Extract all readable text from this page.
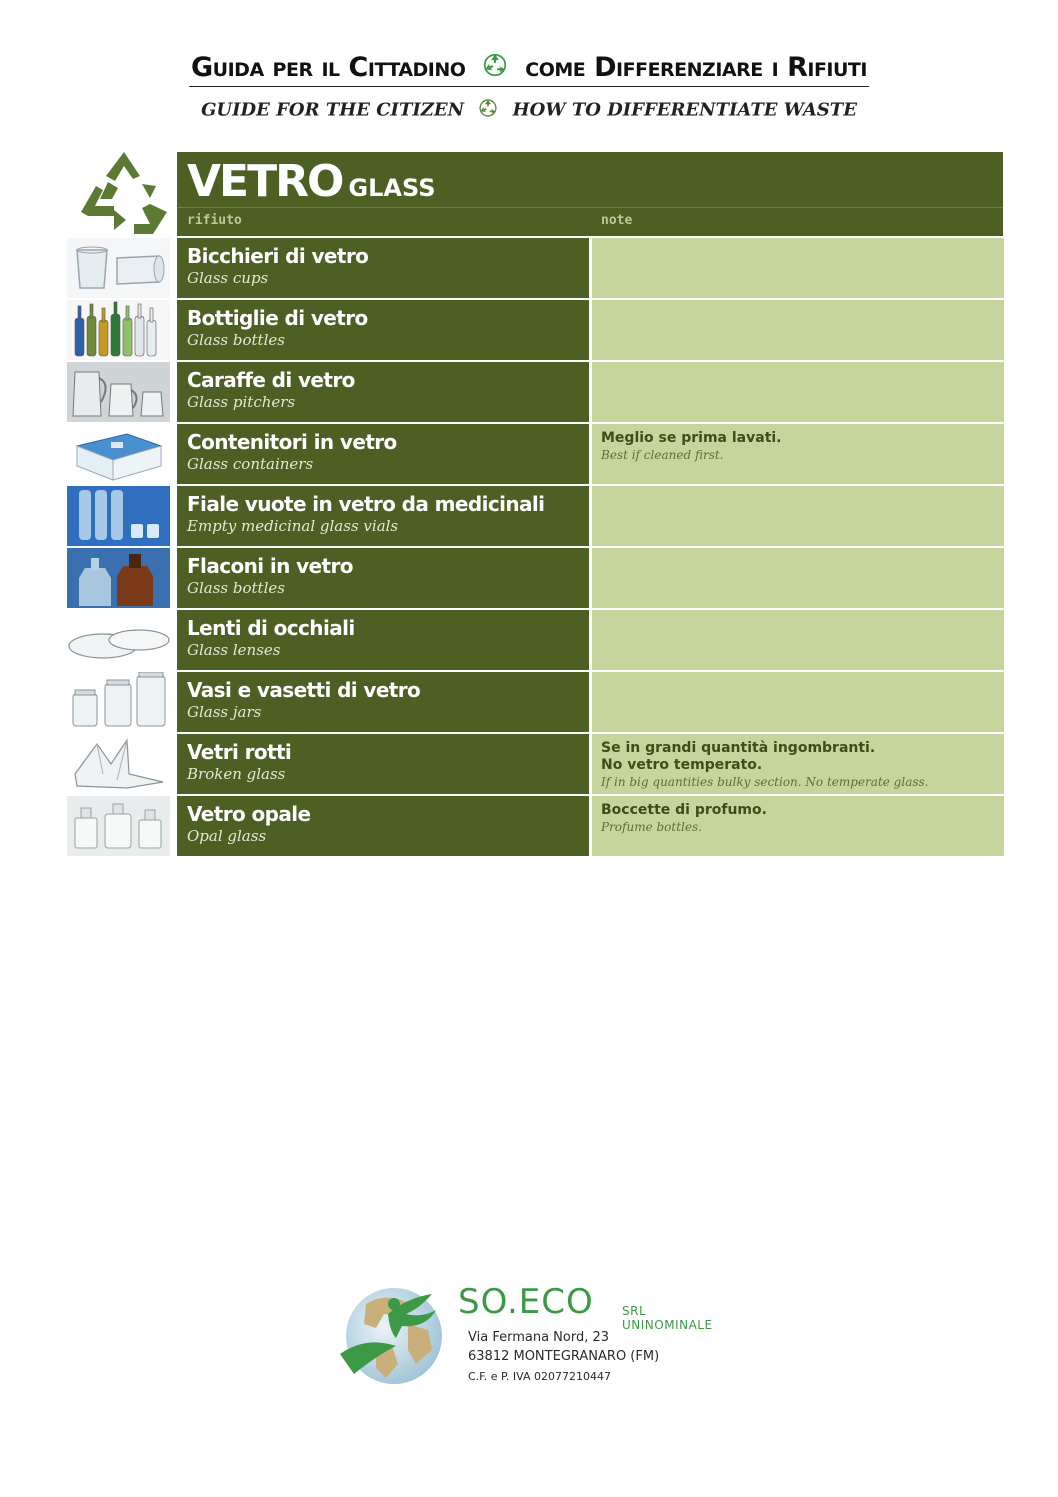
Guida per il Cittadino come Differenziare i Rifiuti
GUIDE FOR THE CITIZEN	HOW TO DIFFERENTIATE WASTE
VETRO GLASS
rifiuto	note
Bicchieri di vetro
Glass cups
Bottiglie di vetro
Glass bottles
Caraffe di vetro
Glass pitchers
Contenitori in vetro
Glass containers
Meglio se prima lavati.
Best if cleaned first.
Fiale vuote in vetro da medicinali
Empty medicinal glass vials
Flaconi in vetro
Glass bottles
Lenti di occhiali
Glass lenses
Vasi e vasetti di vetro
Glass jars
Vetri rotti
Broken glass
Se in grandi quantità ingombranti.
No vetro temperato.
If in big quantities bulky section. No temperate glass.
Vetro opale
Opal glass
Boccette di profumo.
Profume bottles.
SO.ECO SRL UNINOMINALE
Via Fermana Nord, 23
63812 MONTEGRANARO (FM)
C.F. e P. IVA 02077210447
